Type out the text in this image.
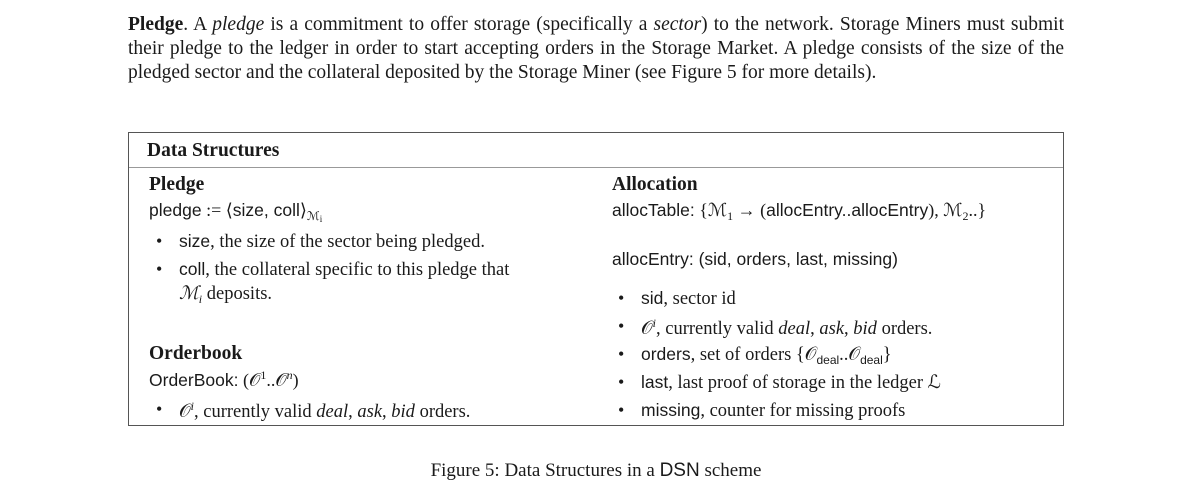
Pledge. A pledge is a commitment to offer storage (specifically a sector) to the network. Storage Miners must submit their pledge to the ledger in order to start accepting orders in the Storage Market. A pledge consists of the size of the pledged sector and the collateral deposited by the Storage Miner (see Figure 5 for more details).
Data Structures
Pledge
pledge := ⟨size, $coll⟩_{ℳ_i}$
• size, the size of the sector being pledged.
• coll, the collateral specific to this pledge that
ℳ$_i$ deposits.
Orderbook
OrderBook: (𝒪$^1$..𝒪$^n$)
• 𝒪$^i$, currently valid deal, ask, bid orders.
Allocation
allocTable: {ℳ$_1$ → (allocEntry..allocEntry), ℳ$_2$..}
allocEntry: (sid, orders, last, missing)
• sid, sector id
• 𝒪$^i$, currently valid deal, ask, bid orders.
• orders, set of orders {𝒪$_{deal}$..𝒪$_{deal}$}
• last, last proof of storage in the ledger ℒ
• missing, counter for missing proofs
Figure 5: Data Structures in a DSN scheme
